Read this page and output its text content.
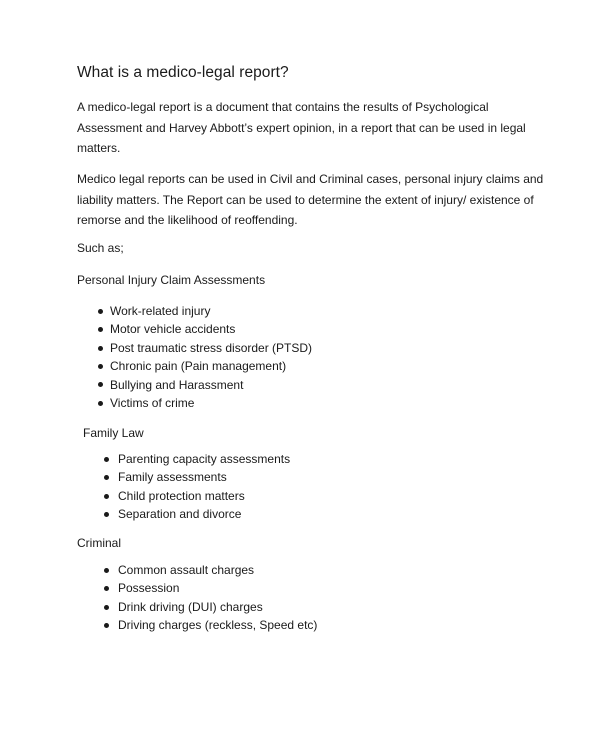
What is a medico-legal report?

A medico-legal report is a document that contains the results of Psychological Assessment and Harvey Abbott’s expert opinion, in a report that can be used in legal matters.

Medico legal reports can be used in Civil and Criminal cases, personal injury claims and liability matters. The Report can be used to determine the extent of injury/ existence of remorse and the likelihood of reoffending.

Such as;

Personal Injury Claim Assessments

Work-related injury
Motor vehicle accidents
Post traumatic stress disorder (PTSD)
Chronic pain (Pain management)
Bullying and Harassment
Victims of crime

Family Law

Parenting capacity assessments
Family assessments
Child protection matters
Separation and divorce

Criminal

Common assault charges
Possession
Drink driving (DUI) charges
Driving charges (reckless, Speed etc)
